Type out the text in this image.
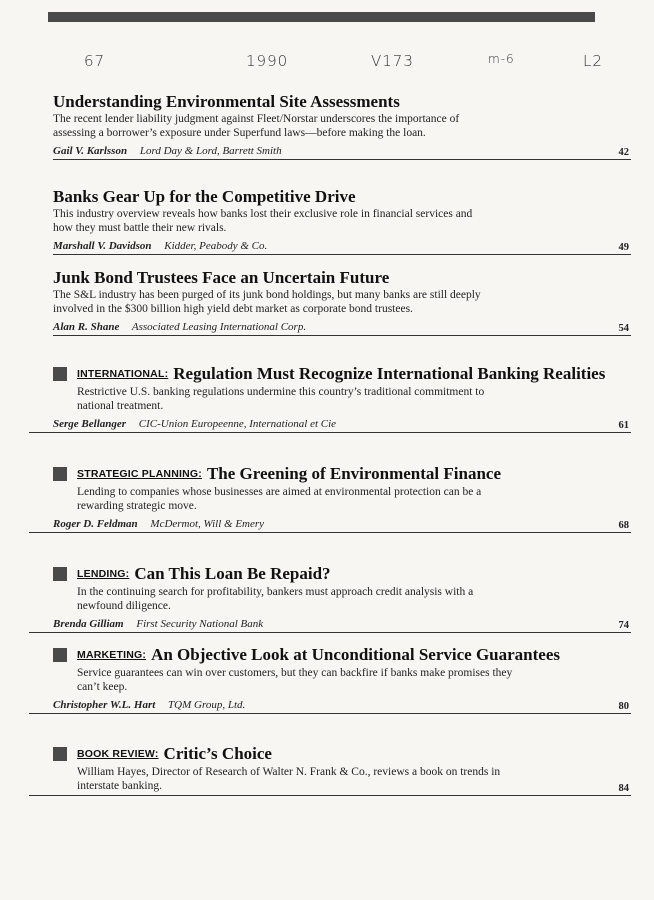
67	1990	V173	m-6	L2
Understanding Environmental Site Assessments
The recent lender liability judgment against Fleet/Norstar underscores the importance of assessing a borrower’s exposure under Superfund laws—before making the loan.
Gail V. Karlsson Lord Day & Lord, Barrett Smith	42
Banks Gear Up for the Competitive Drive
This industry overview reveals how banks lost their exclusive role in financial services and how they must battle their new rivals.
Marshall V. Davidson Kidder, Peabody & Co.	49
Junk Bond Trustees Face an Uncertain Future
The S&L industry has been purged of its junk bond holdings, but many banks are still deeply involved in the $300 billion high yield debt market as corporate bond trustees.
Alan R. Shane Associated Leasing International Corp.	54
INTERNATIONAL: Regulation Must Recognize International Banking Realities
Restrictive U.S. banking regulations undermine this country’s traditional commitment to national treatment.
Serge Bellanger CIC-Union Europeenne, International et Cie	61
STRATEGIC PLANNING: The Greening of Environmental Finance
Lending to companies whose businesses are aimed at environmental protection can be a rewarding strategic move.
Roger D. Feldman McDermot, Will & Emery	68
LENDING: Can This Loan Be Repaid?
In the continuing search for profitability, bankers must approach credit analysis with a newfound diligence.
Brenda Gilliam First Security National Bank	74
MARKETING: An Objective Look at Unconditional Service Guarantees
Service guarantees can win over customers, but they can backfire if banks make promises they can’t keep.
Christopher W.L. Hart TQM Group, Ltd.	80
BOOK REVIEW: Critic’s Choice
William Hayes, Director of Research of Walter N. Frank & Co., reviews a book on trends in interstate banking.	84
